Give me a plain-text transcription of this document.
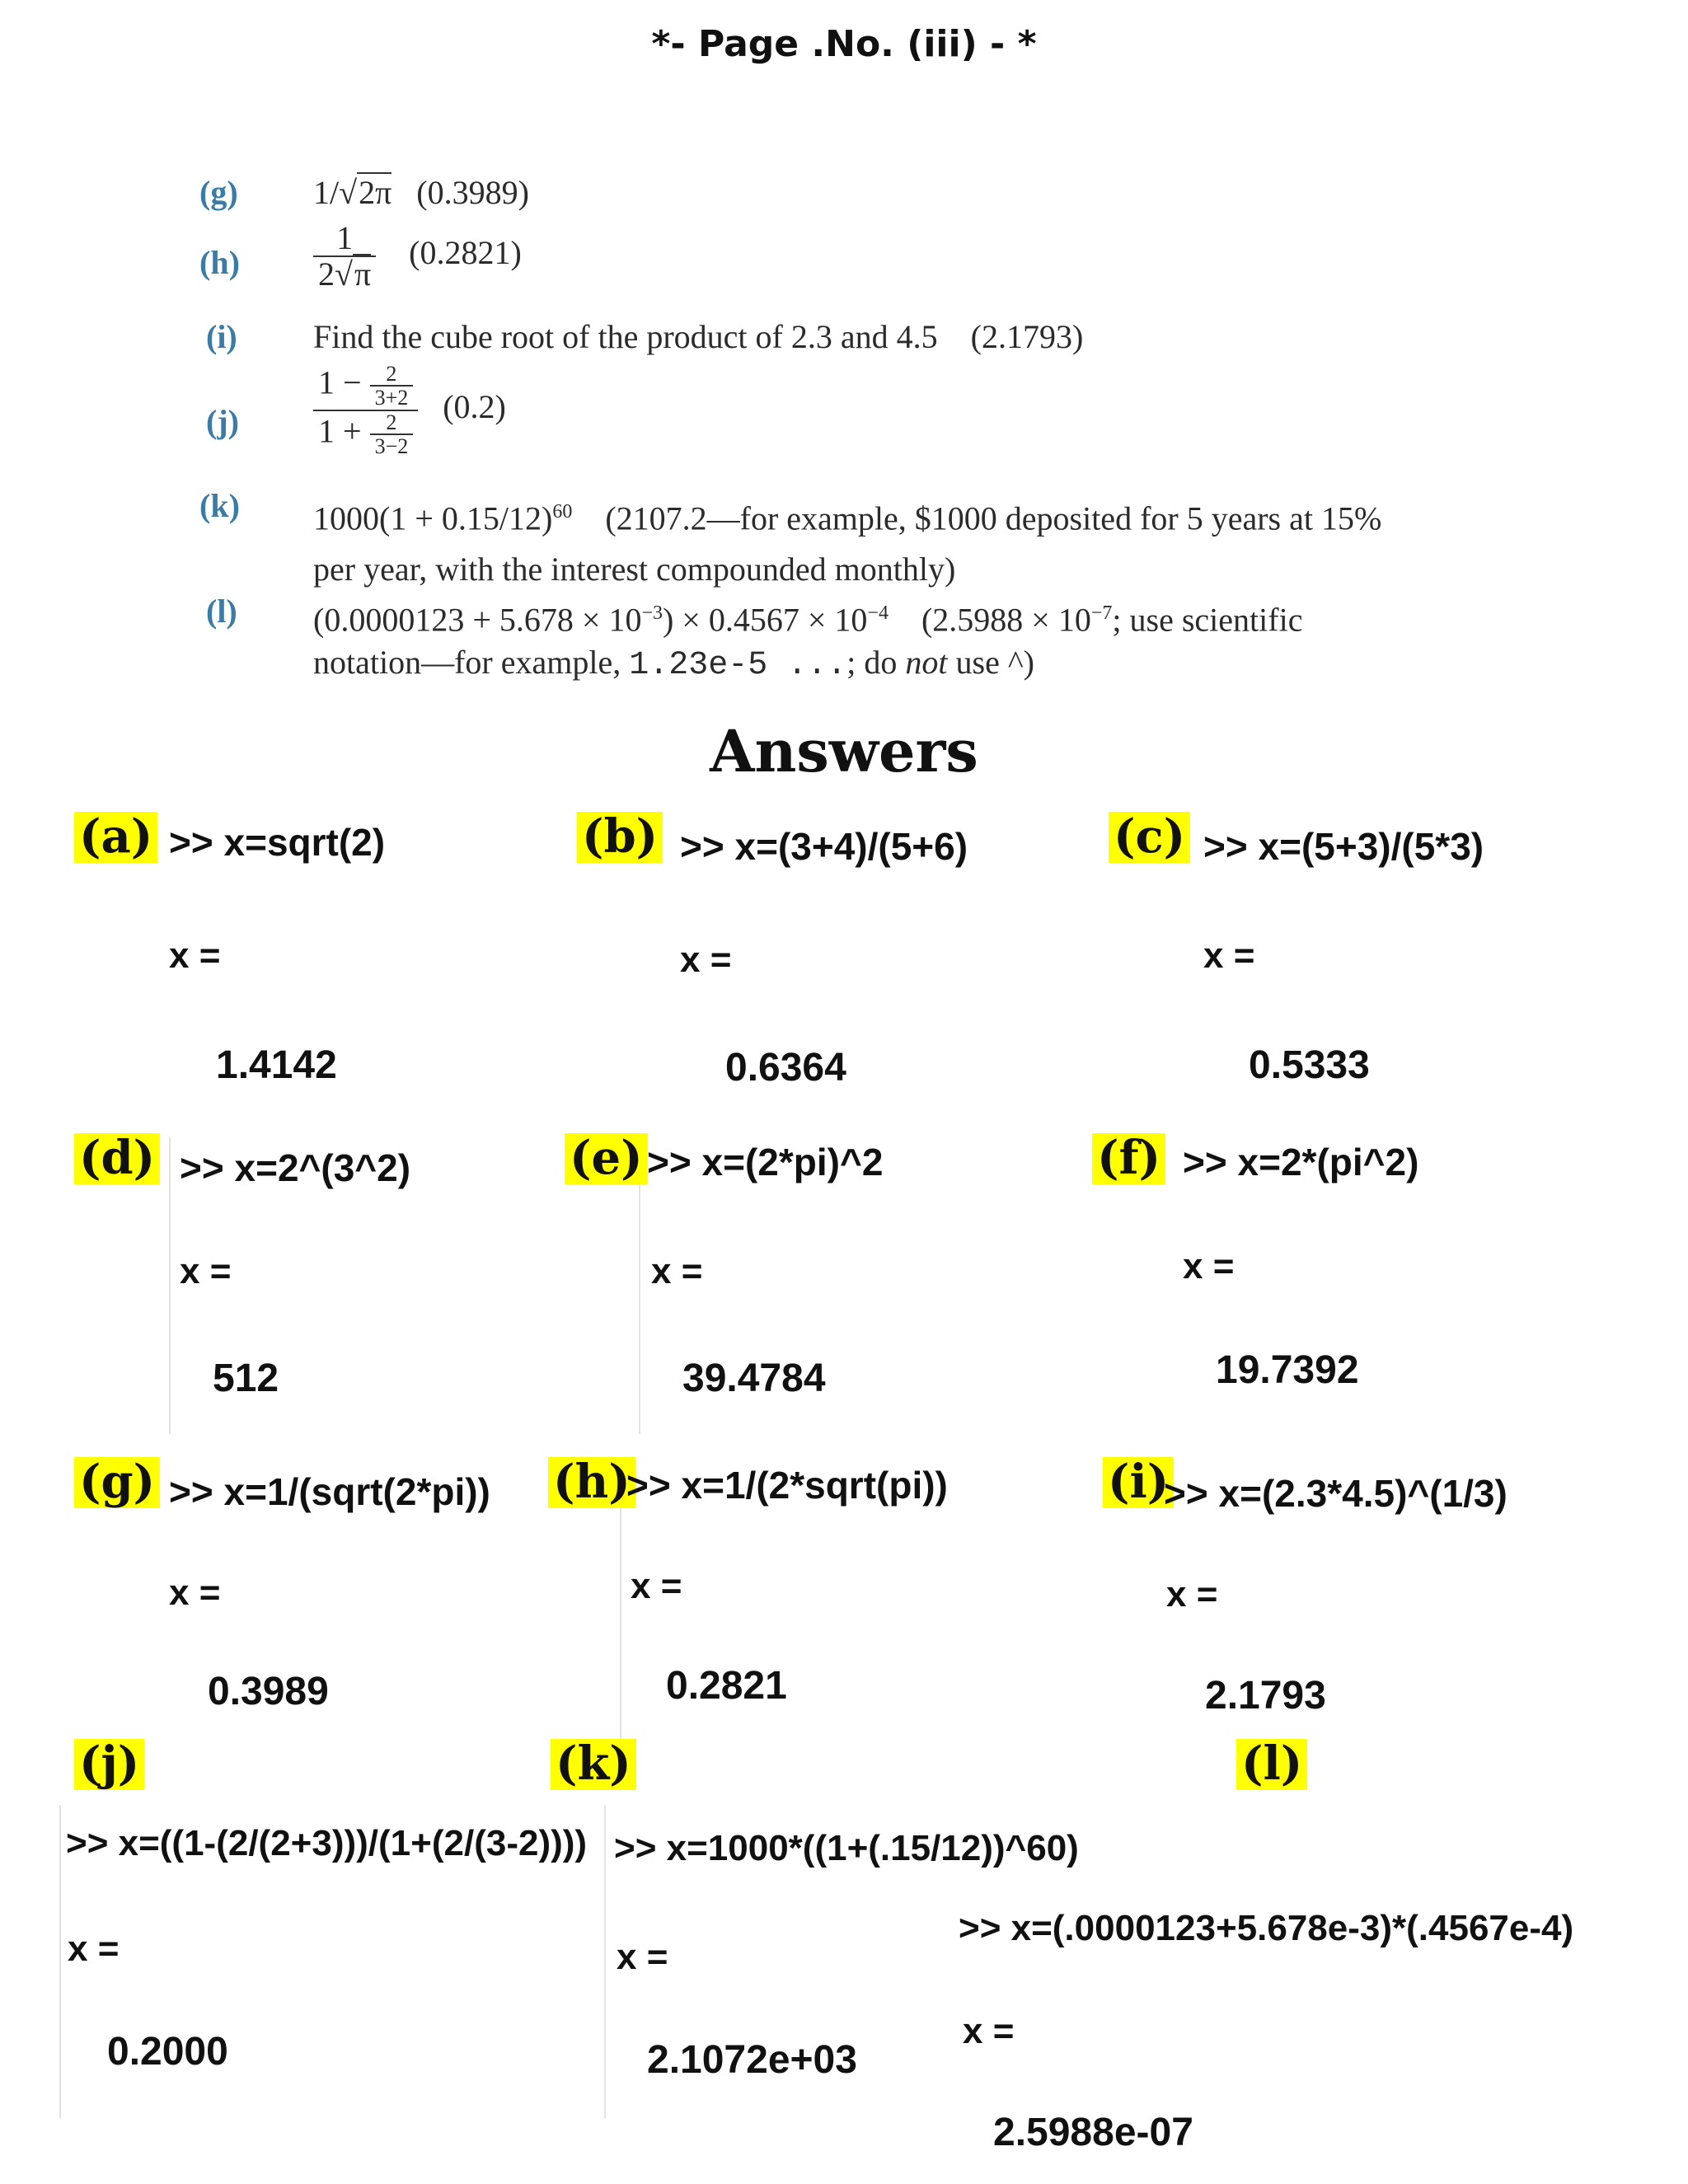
*- Page .No. (iii) - *
(g) 1/√2π (0.3989)
$(h) \frac{1}{2√\pi} (0.2821)$
(i) Find the cube root of the product of 2.3 and 4.5 (2.1793)
$(j) \frac{1 - \frac{2}{3+2}}{1 + \frac{2}{3-2}} (0.2)$
(k) $1000(1 + 0.15/12)^{60}$ (2107.2—for example, $1000 deposited for 5 years at 15%
per year, with the interest compounded monthly)
(l) $(0.0000123 + 5.678 \times 10^{-3}) \times 0.4567 \times 10^{-4}$ ($2.5988 \times 10^{-7}$; use scientific
notation—for example, 1.23e-5 ...; do not use ^)
Answers
(a) >> x=sqrt(2)
x =
1.4142
(b) >> x=(3+4)/(5+6)
x =
0.6364
(c) >> x=(5+3)/(5*3)
x =
0.5333
(d) >> x=2^(3^2)
x =
512
(e) >> x=(2*pi)^2
x =
39.4784
(f) >> x=2*(pi^2)
x =
19.7392
(g) >> x=1/(sqrt(2*pi))
x =
0.3989
(h)
>> x=1/(2*sqrt(pi))
x =
0.2821
(i)
>> x=(2.3*4.5)^(1/3)
x =
2.1793
(j)
>> x=((1-(2/(2+3)))/(1+(2/(3-2))))
x =
0.2000
(k)
>> x=1000*((1+(.15/12))^60)
x =
2.1072e+03
(l)
>> x=(.0000123+5.678e-3)*(.4567e-4)
x =
2.5988e-07
